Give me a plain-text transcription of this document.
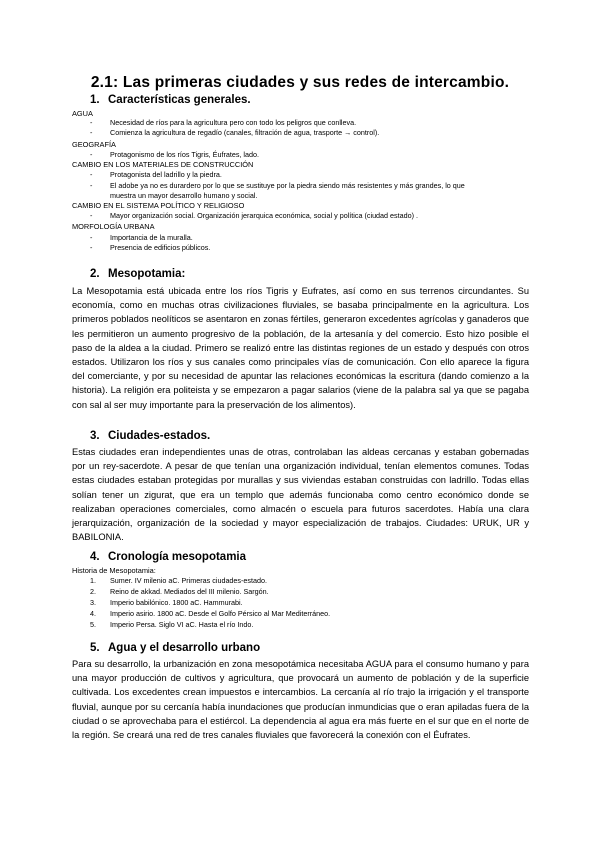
2.1: Las primeras ciudades y sus redes de intercambio.
1. Características generales.
AGUA
- Necesidad de ríos para la agricultura pero con todo los peligros que conlleva.
- Comienza la agricultura de regadío (canales, filtración de agua, trasporte → control).
GEOGRAFÍA
- Protagonismo de los ríos Tigris, Éufrates, lado.
CAMBIO EN LOS MATERIALES DE CONSTRUCCIÓN
- Protagonista del ladrillo y la piedra.
- El adobe ya no es durardero por lo que se sustituye por la piedra siendo más resistentes y más grandes, lo que
muestra un mayor desarrollo humano y social.
CAMBIO EN EL SISTEMA POLÍTICO Y RELIGIOSO
- Mayor organización social. Organización jerarquica económica, social y política (ciudad estado) .
MORFOLOGÍA URBANA
- Importancia de la muralla.
- Presencia de edificios públicos.
2. Mesopotamia:
La Mesopotamia está ubicada entre los ríos Tigris y Eufrates, así como en sus terrenos circundantes. Su economía, como en muchas otras civilizaciones fluviales, se basaba principalmente en la agricultura. Los primeros poblados neolíticos se asentaron en zonas fértiles, generaron excedentes agrícolas y ganaderos que les permitieron un aumento progresivo de la población, de la artesanía y del comercio. Esto hizo posible el paso de la aldea a la ciudad. Primero se realizó entre las distintas regiones de un estado y después con otros estados. Utilizaron los ríos y sus canales como principales vías de comunicación. Con ello aparece la figura del comerciante, y por su necesidad de apuntar las relaciones económicas la escritura (dando comienzo a la historia). La religión era politeista y se empezaron a pagar salarios (viene de la palabra sal ya que se pagaba con sal al ser muy importante para la preservación de los alimentos).
3. Ciudades-estados.
Estas ciudades eran independientes unas de otras, controlaban las aldeas cercanas y estaban gobernadas por un rey-sacerdote. A pesar de que tenían una organización individual, tenían elementos comunes. Todas estas ciudades estaban protegidas por murallas y sus viviendas estaban construidas con ladrillo. Todas ellas solían tener un zigurat, que era un templo que además funcionaba como centro económico donde se realizaban operaciones comerciales, como almacén o escuela para futuros sacerdotes. Había una clara jerarquización, organización de la sociedad y mayor especialización de trabajos. Ciudades: URUK, UR y BABILONIA.
4. Cronología mesopotamia
Historia de Mesopotamia:
1. Sumer. IV milenio aC. Primeras ciudades-estado.
2. Reino de akkad. Mediados del III milenio. Sargón.
3. Imperio babilónico. 1800 aC. Hammurabi.
4. Imperio asirio. 1800 aC. Desde el Golfo Pérsico al Mar Mediterráneo.
5. Imperio Persa. Siglo VI aC. Hasta el río Indo.
5. Agua y el desarrollo urbano
Para su desarrollo, la urbanización en zona mesopotámica necesitaba AGUA para el consumo humano y para una mayor producción de cultivos y agricultura, que provocará un aumento de población y de la superficie cultivada. Los excedentes crean impuestos e intercambios. La cercanía al río trajo la irrigación y el transporte fluvial, aunque por su cercanía había inundaciones que producían inmundicias que o eran apiladas fuera de la ciudad o se aprovechaba para el estiércol. La dependencia al agua era más fuerte en el sur que en el norte de la región. Se creará una red de tres canales fluviales que favorecerá la conexión con el Éufrates.
